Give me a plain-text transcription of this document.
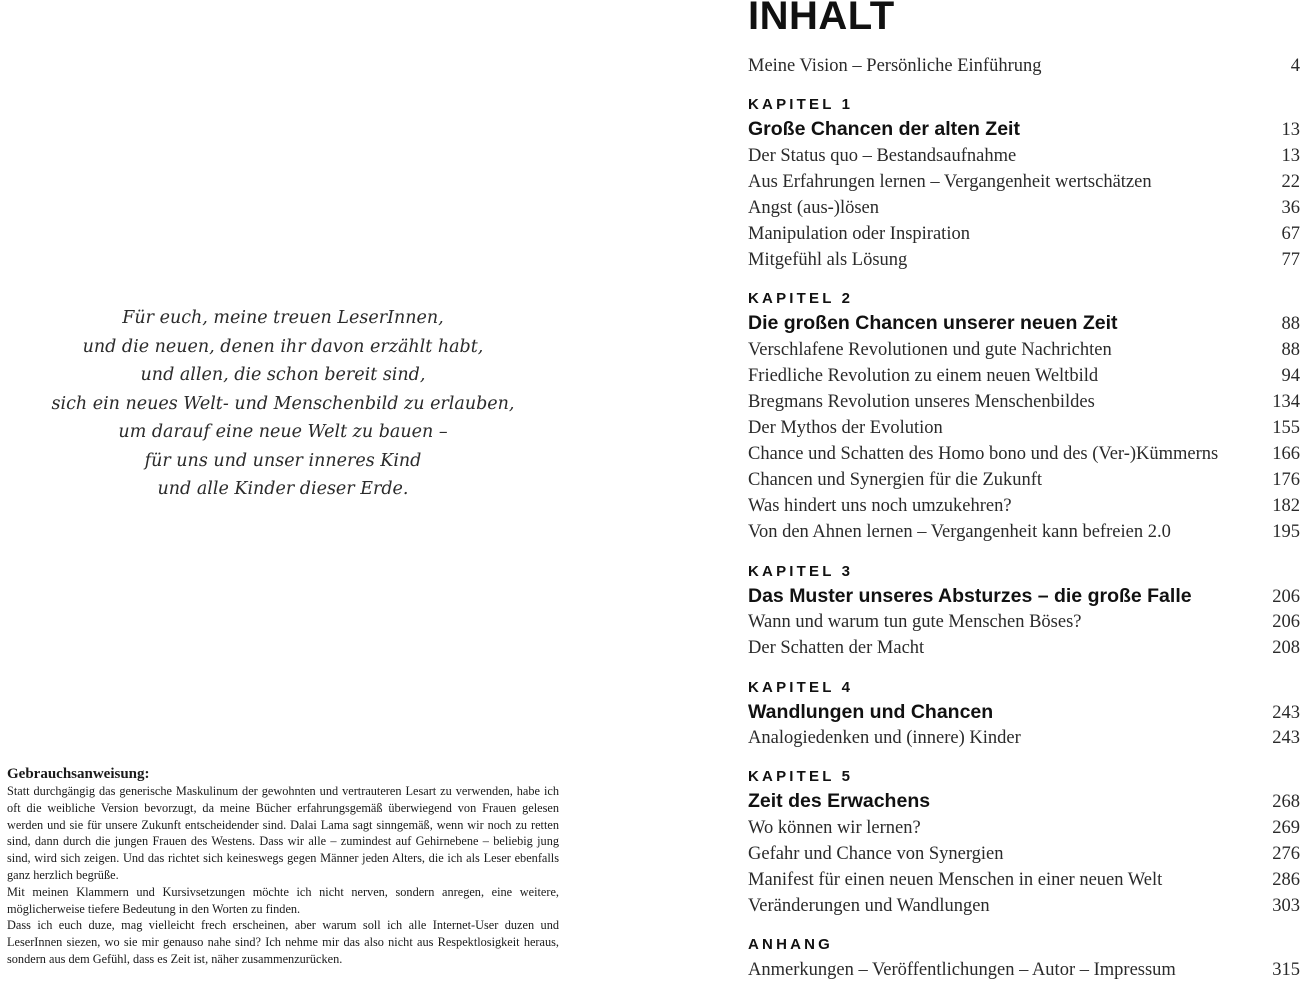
Für euch, meine treuen LeserInnen,
und die neuen, denen ihr davon erzählt habt,
und allen, die schon bereit sind,
sich ein neues Welt- und Menschenbild zu erlauben,
um darauf eine neue Welt zu bauen –
für uns und unser inneres Kind
und alle Kinder dieser Erde.
Gebrauchsanweisung:

Statt durchgängig das generische Maskulinum der gewohnten und vertrauteren Lesart zu verwenden, habe ich oft die weibliche Version bevorzugt, da meine Bücher erfahrungsgemäß überwiegend von Frauen gelesen werden und sie für unsere Zukunft entscheidender sind. Dalai Lama sagt sinngemäß, wenn wir noch zu retten sind, dann durch die jungen Frauen des Westens. Dass wir alle – zumindest auf Gehirnebene – beliebig jung sind, wird sich zeigen. Und das richtet sich keineswegs gegen Männer jeden Alters, die ich als Leser ebenfalls ganz herzlich begrüße.

Mit meinen Klammern und Kursivsetzungen möchte ich nicht nerven, sondern anregen, eine weitere, möglicherweise tiefere Bedeutung in den Worten zu finden.

Dass ich euch duze, mag vielleicht frech erscheinen, aber warum soll ich alle Internet-User duzen und LeserInnen siezen, wo sie mir genauso nahe sind? Ich nehme mir das also nicht aus Respektlosigkeit heraus, sondern aus dem Gefühl, dass es Zeit ist, näher zusammenzurücken.

INHALT
Meine Vision – Persönliche Einführung	4
KAPITEL 1
Große Chancen der alten Zeit	13
Der Status quo – Bestandsaufnahme	13
Aus Erfahrungen lernen – Vergangenheit wertschätzen	22
Angst (aus-)lösen	36
Manipulation oder Inspiration	67
Mitgefühl als Lösung	77
KAPITEL 2
Die großen Chancen unserer neuen Zeit	88
Verschlafene Revolutionen und gute Nachrichten	88
Friedliche Revolution zu einem neuen Weltbild	94
Bregmans Revolution unseres Menschenbildes	134
Der Mythos der Evolution	155
Chance und Schatten des Homo bono und des (Ver-)Kümmerns	166
Chancen und Synergien für die Zukunft	176
Was hindert uns noch umzukehren?	182
Von den Ahnen lernen – Vergangenheit kann befreien 2.0	195
KAPITEL 3
Das Muster unseres Absturzes – die große Falle	206
Wann und warum tun gute Menschen Böses?	206
Der Schatten der Macht	208
KAPITEL 4
Wandlungen und Chancen	243
Analogiedenken und (innere) Kinder	243
KAPITEL 5
Zeit des Erwachens	268
Wo können wir lernen?	269
Gefahr und Chance von Synergien	276
Manifest für einen neuen Menschen in einer neuen Welt	286
Veränderungen und Wandlungen	303
ANHANG
Anmerkungen – Veröffentlichungen – Autor – Impressum	315
